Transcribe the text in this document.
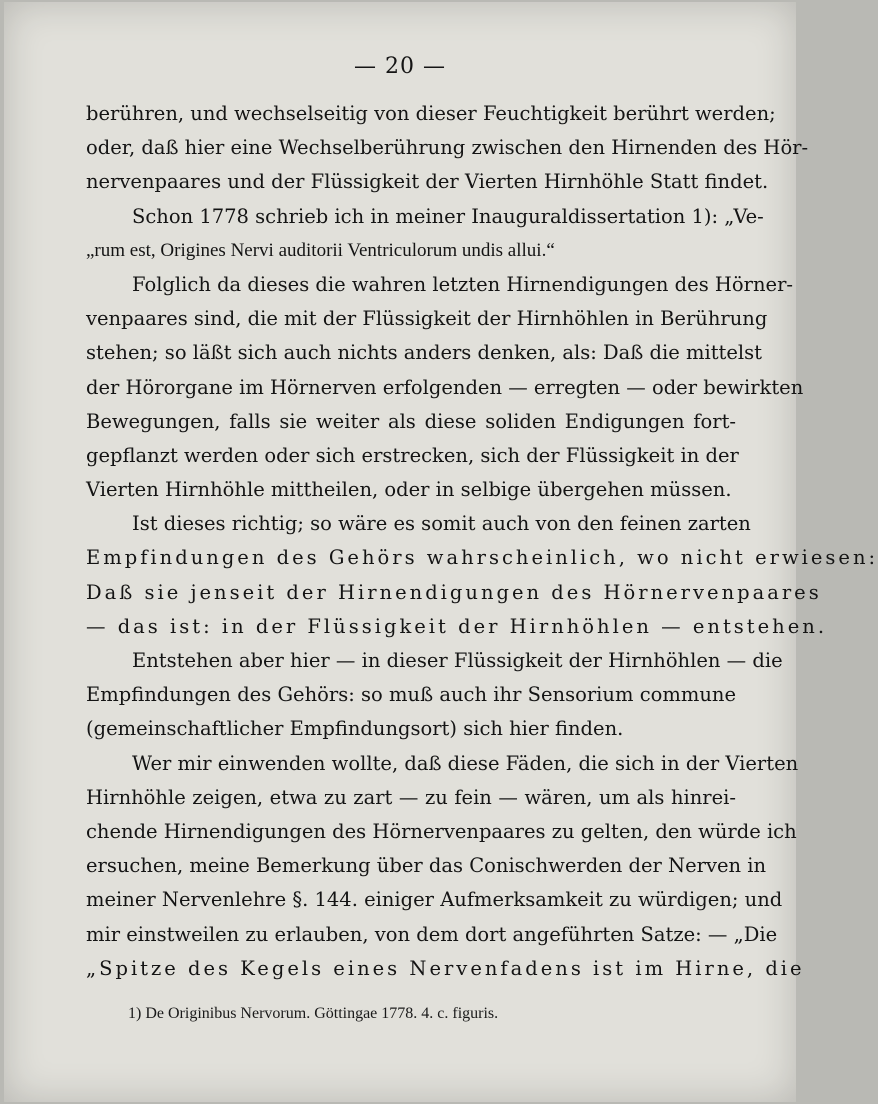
— 20 —
berühren, und wechselseitig von dieser Feuchtigkeit berührt werden;
oder, daß hier eine Wechselberührung zwischen den Hirnenden des Hör-
nervenpaares und der Flüssigkeit der Vierten Hirnhöhle Statt findet.
Schon 1778 schrieb ich in meiner Inauguraldissertation 1): „Ve-
„rum est, Origines Nervi auditorii Ventriculorum undis allui.“
Folglich da dieses die wahren letzten Hirnendigungen des Hörner-
venpaares sind, die mit der Flüssigkeit der Hirnhöhlen in Berührung
stehen; so läßt sich auch nichts anders denken, als: Daß die mittelst
der Hörorgane im Hörnerven erfolgenden — erregten — oder bewirkten
Bewegungen, falls sie weiter als diese soliden Endigungen fort-
gepflanzt werden oder sich erstrecken, sich der Flüssigkeit in der
Vierten Hirnhöhle mittheilen, oder in selbige übergehen müssen.
Ist dieses richtig; so wäre es somit auch von den feinen zarten
Empfindungen des Gehörs wahrscheinlich, wo nicht erwiesen:
Daß sie jenseit der Hirnendigungen des Hörnervenpaares
— das ist: in der Flüssigkeit der Hirnhöhlen — entstehen.
Entstehen aber hier — in dieser Flüssigkeit der Hirnhöhlen — die
Empfindungen des Gehörs: so muß auch ihr Sensorium commune
(gemeinschaftlicher Empfindungsort) sich hier finden.
Wer mir einwenden wollte, daß diese Fäden, die sich in der Vierten
Hirnhöhle zeigen, etwa zu zart — zu fein — wären, um als hinrei-
chende Hirnendigungen des Hörnervenpaares zu gelten, den würde ich
ersuchen, meine Bemerkung über das Conischwerden der Nerven in
meiner Nervenlehre §. 144. einiger Aufmerksamkeit zu würdigen; und
mir einstweilen zu erlauben, von dem dort angeführten Satze: — „Die
„Spitze des Kegels eines Nervenfadens ist im Hirne, die
1) De Originibus Nervorum. Göttingae 1778. 4. c. figuris.
